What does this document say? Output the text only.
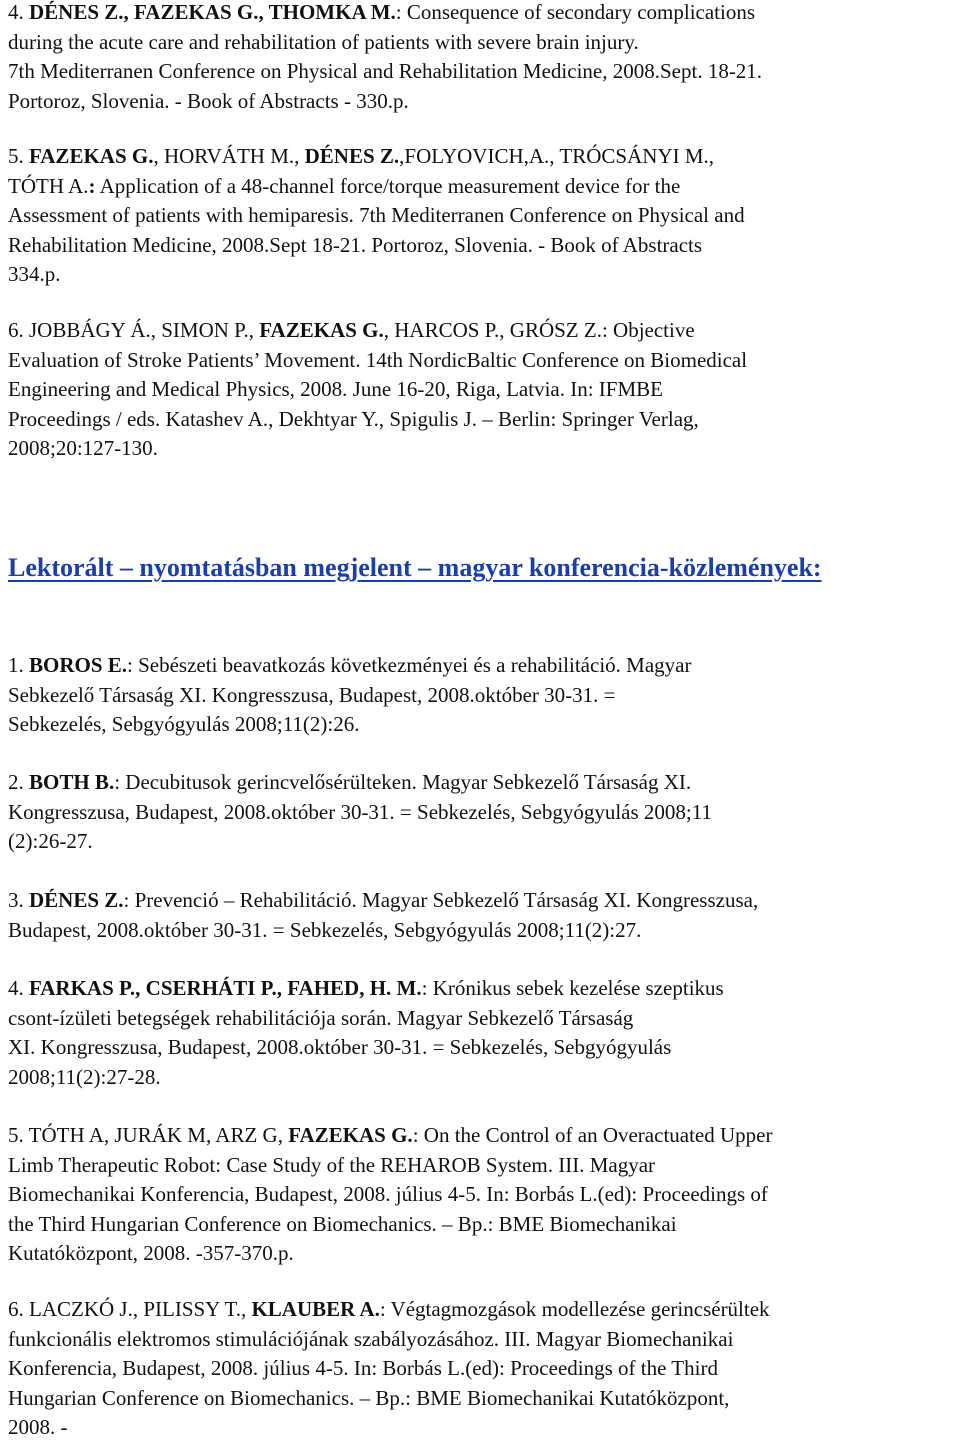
4. DÉNES Z., FAZEKAS G., THOMKA M.: Consequence of secondary complications
during the acute care and rehabilitation of patients with severe brain injury.
7th Mediterranen Conference on Physical and Rehabilitation Medicine, 2008.Sept. 18-21.
Portoroz, Slovenia. - Book of Abstracts - 330.p.
5. FAZEKAS G., HORVÁTH M., DÉNES Z.,FOLYOVICH,A., TRÓCSÁNYI M.,
TÓTH A.: Application of a 48-channel force/torque measurement device for the
Assessment of patients with hemiparesis. 7th Mediterranen Conference on Physical and
Rehabilitation Medicine, 2008.Sept 18-21. Portoroz, Slovenia. - Book of Abstracts
334.p.
6. JOBBÁGY Á., SIMON P., FAZEKAS G., HARCOS P., GRÓSZ Z.: Objective
Evaluation of Stroke Patients’ Movement. 14th NordicBaltic Conference on Biomedical
Engineering and Medical Physics, 2008. June 16-20, Riga, Latvia. In: IFMBE
Proceedings / eds. Katashev A., Dekhtyar Y., Spigulis J. – Berlin: Springer Verlag,
2008;20:127-130.
Lektorált – nyomtatásban megjelent – magyar konferencia-közlemények:
1. BOROS E.: Sebészeti beavatkozás következményei és a rehabilitáció. Magyar
Sebkezelő Társaság XI. Kongresszusa, Budapest, 2008.október 30-31. =
Sebkezelés, Sebgyógyulás 2008;11(2):26.
2. BOTH B.: Decubitusok gerincvelősérülteken. Magyar Sebkezelő Társaság XI.
Kongresszusa, Budapest, 2008.október 30-31. = Sebkezelés, Sebgyógyulás 2008;11
(2):26-27.
3. DÉNES Z.: Prevenció – Rehabilitáció. Magyar Sebkezelő Társaság XI. Kongresszusa,
Budapest, 2008.október 30-31. = Sebkezelés, Sebgyógyulás 2008;11(2):27.
4. FARKAS P., CSERHÁTI P., FAHED, H. M.: Krónikus sebek kezelése szeptikus
csont-ízületi betegségek rehabilitációja során. Magyar Sebkezelő Társaság
XI. Kongresszusa, Budapest, 2008.október 30-31. = Sebkezelés, Sebgyógyulás
2008;11(2):27-28.
5. TÓTH A, JURÁK M, ARZ G, FAZEKAS G.: On the Control of an Overactuated Upper
Limb Therapeutic Robot: Case Study of the REHAROB System. III. Magyar
Biomechanikai Konferencia, Budapest, 2008. július 4-5. In: Borbás L.(ed): Proceedings of
the Third Hungarian Conference on Biomechanics. – Bp.: BME Biomechanikai
Kutatóközpont, 2008. -357-370.p.
6. LACZKÓ J., PILISSY T., KLAUBER A.: Végtagmozgások modellezése gerincsérültek
funkcionális elektromos stimulációjának szabályozásához. III. Magyar Biomechanikai
Konferencia, Budapest, 2008. július 4-5. In: Borbás L.(ed): Proceedings of the Third
Hungarian Conference on Biomechanics. – Bp.: BME Biomechanikai Kutatóközpont,
2008. -
